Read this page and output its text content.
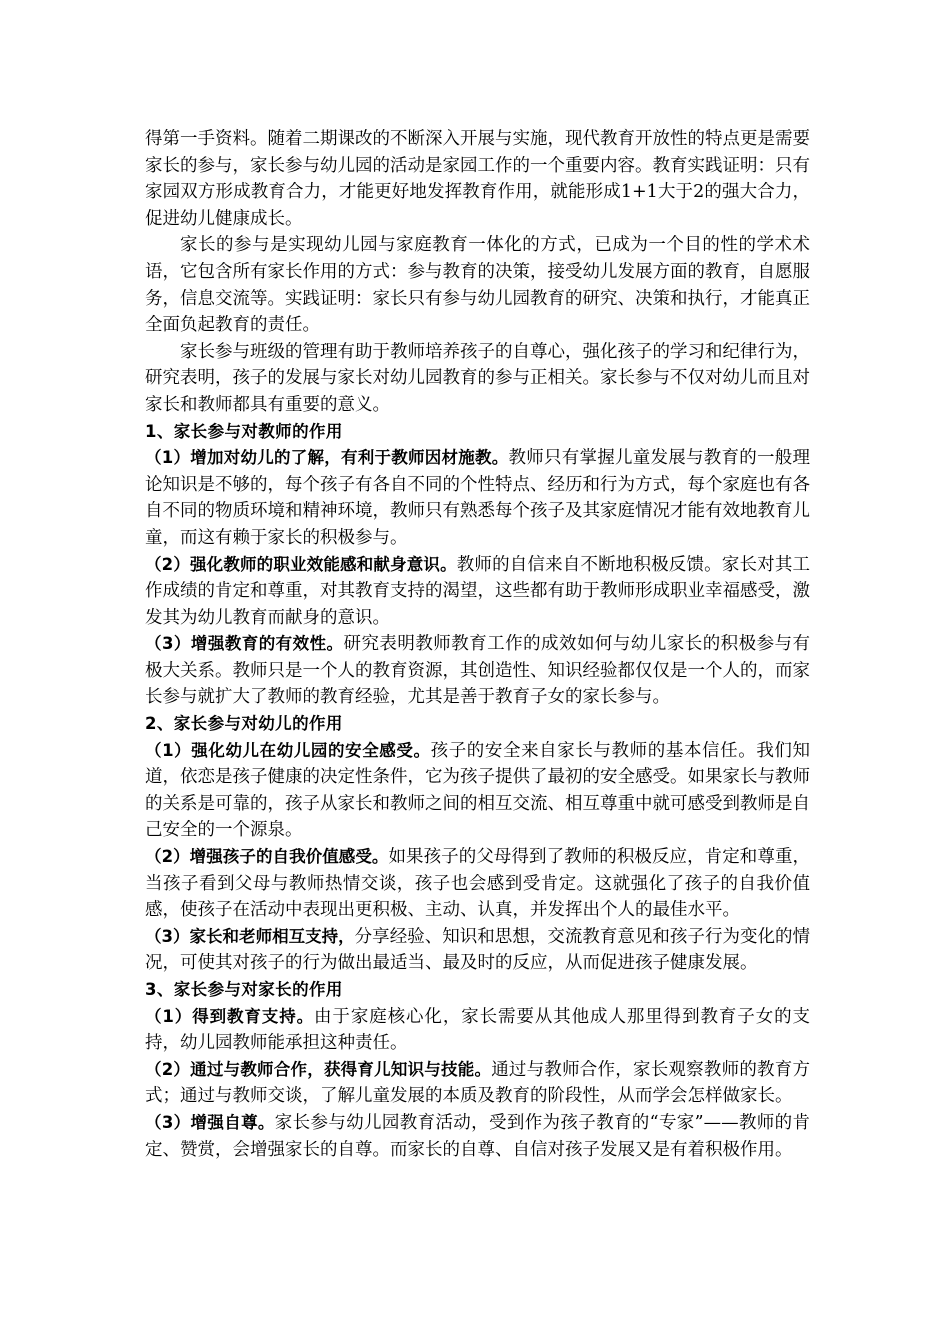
得第一手资料。随着二期课改的不断深入开展与实施，现代教育开放性的特点更是需要家长的参与，家长参与幼儿园的活动是家园工作的一个重要内容。教育实践证明：只有家园双方形成教育合力，才能更好地发挥教育作用，就能形成1+1大于2的强大合力，促进幼儿健康成长。

家长的参与是实现幼儿园与家庭教育一体化的方式，已成为一个目的性的学术术语，它包含所有家长作用的方式：参与教育的决策，接受幼儿发展方面的教育，自愿服务，信息交流等。实践证明：家长只有参与幼儿园教育的研究、决策和执行，才能真正全面负起教育的责任。

家长参与班级的管理有助于教师培养孩子的自尊心，强化孩子的学习和纪律行为，研究表明，孩子的发展与家长对幼儿园教育的参与正相关。家长参与不仅对幼儿而且对家长和教师都具有重要的意义。

1、家长参与对教师的作用

（1）增加对幼儿的了解，有利于教师因材施教。教师只有掌握儿童发展与教育的一般理论知识是不够的，每个孩子有各自不同的个性特点、经历和行为方式，每个家庭也有各自不同的物质环境和精神环境，教师只有熟悉每个孩子及其家庭情况才能有效地教育儿童，而这有赖于家长的积极参与。

（2）强化教师的职业效能感和献身意识。教师的自信来自不断地积极反馈。家长对其工作成绩的肯定和尊重，对其教育支持的渴望，这些都有助于教师形成职业幸福感受，激发其为幼儿教育而献身的意识。

（3）增强教育的有效性。研究表明教师教育工作的成效如何与幼儿家长的积极参与有极大关系。教师只是一个人的教育资源，其创造性、知识经验都仅仅是一个人的，而家长参与就扩大了教师的教育经验，尤其是善于教育子女的家长参与。

2、家长参与对幼儿的作用

（1）强化幼儿在幼儿园的安全感受。孩子的安全来自家长与教师的基本信任。我们知道，依恋是孩子健康的决定性条件，它为孩子提供了最初的安全感受。如果家长与教师的关系是可靠的，孩子从家长和教师之间的相互交流、相互尊重中就可感受到教师是自己安全的一个源泉。

（2）增强孩子的自我价值感受。如果孩子的父母得到了教师的积极反应，肯定和尊重，当孩子看到父母与教师热情交谈，孩子也会感到受肯定。这就强化了孩子的自我价值感，使孩子在活动中表现出更积极、主动、认真，并发挥出个人的最佳水平。

（3）家长和老师相互支持，分享经验、知识和思想，交流教育意见和孩子行为变化的情况，可使其对孩子的行为做出最适当、最及时的反应，从而促进孩子健康发展。

3、家长参与对家长的作用

（1）得到教育支持。由于家庭核心化，家长需要从其他成人那里得到教育子女的支持，幼儿园教师能承担这种责任。

（2）通过与教师合作，获得育儿知识与技能。通过与教师合作，家长观察教师的教育方式；通过与教师交谈，了解儿童发展的本质及教育的阶段性，从而学会怎样做家长。

（3）增强自尊。家长参与幼儿园教育活动，受到作为孩子教育的“专家”——教师的肯定、赞赏，会增强家长的自尊。而家长的自尊、自信对孩子发展又是有着积极作用。
